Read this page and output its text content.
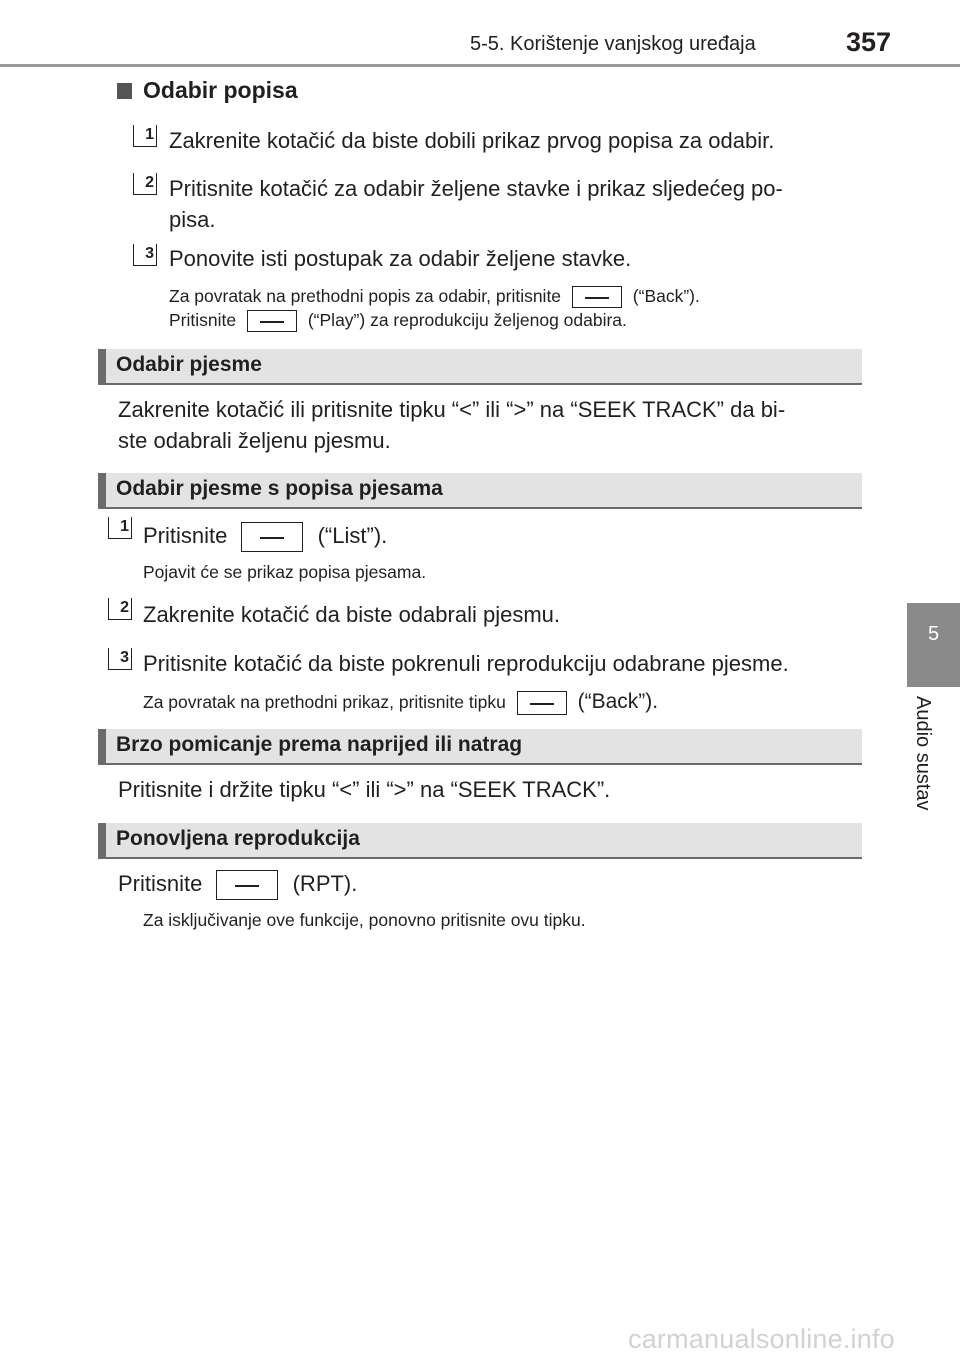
5-5. Korištenje vanjskog uređaja	357
5
Audio sustav
Odabir popisa
1 Zakrenite kotačić da biste dobili prikaz prvog popisa za odabir.
2 Pritisnite kotačić za odabir željene stavke i prikaz sljedećeg po-
pisa.
3 Ponovite isti postupak za odabir željene stavke.
Za povratak na prethodni popis za odabir, pritisnite	(“Back”).
Pritisnite	(“Play”) za reprodukciju željenog odabira.
Odabir pjesme
Zakrenite kotačić ili pritisnite tipku “<” ili “>” na “SEEK TRACK” da bi-
ste odabrali željenu pjesmu.
Odabir pjesme s popisa pjesama
1 Pritisnite	(“List”).
Pojavit će se prikaz popisa pjesama.
2 Zakrenite kotačić da biste odabrali pjesmu.
3 Pritisnite kotačić da biste pokrenuli reprodukciju odabrane pjesme.
Za povratak na prethodni prikaz, pritisnite tipku	(“Back”).
Brzo pomicanje prema naprijed ili natrag
Pritisnite i držite tipku “<” ili “>” na “SEEK TRACK”.
Ponovljena reprodukcija
Pritisnite	(RPT).
Za isključivanje ove funkcije, ponovno pritisnite ovu tipku.
carmanualsonline.info
